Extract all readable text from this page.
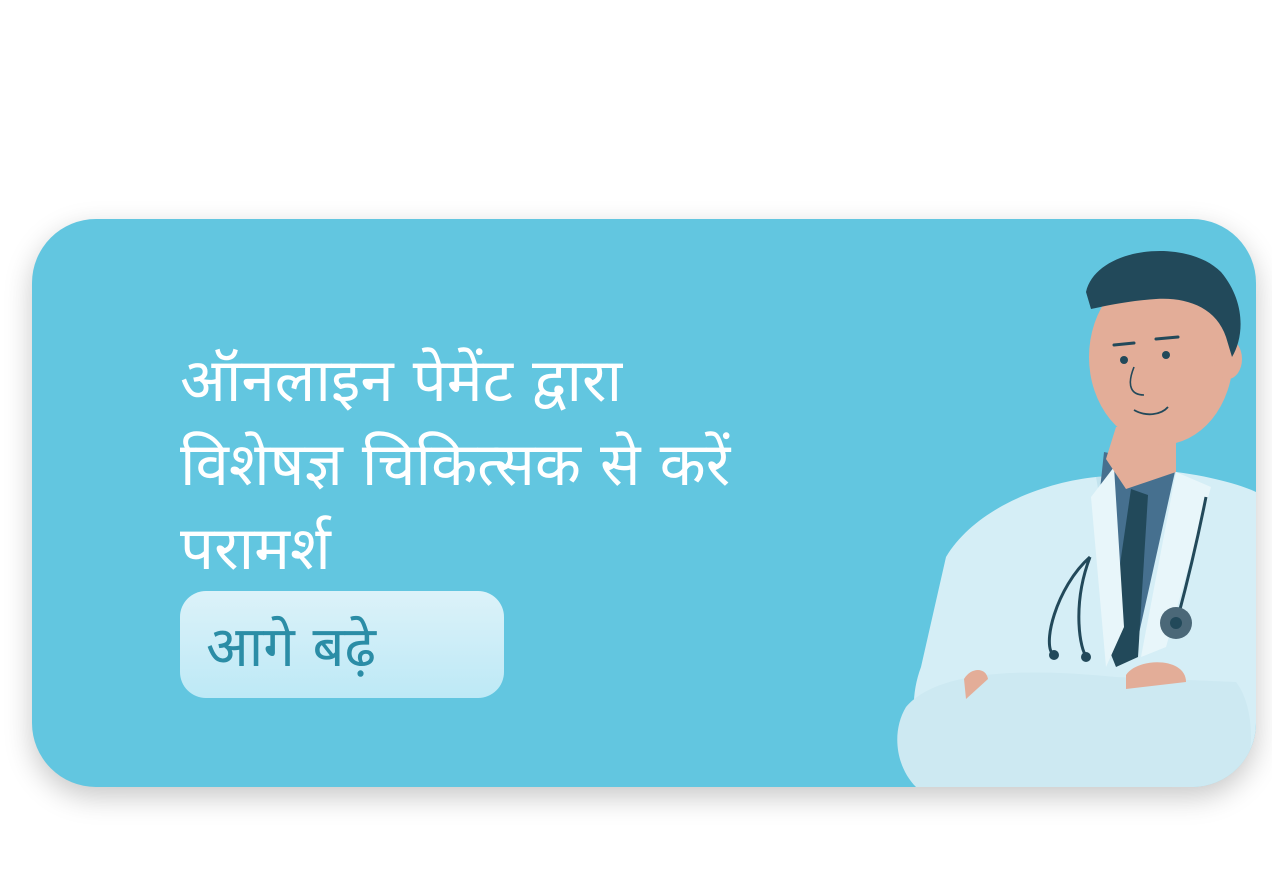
ऑनलाइन पेमेंट द्वारा
विशेषज्ञ चिकित्सक से करें
परामर्श
आगे बढ़े
